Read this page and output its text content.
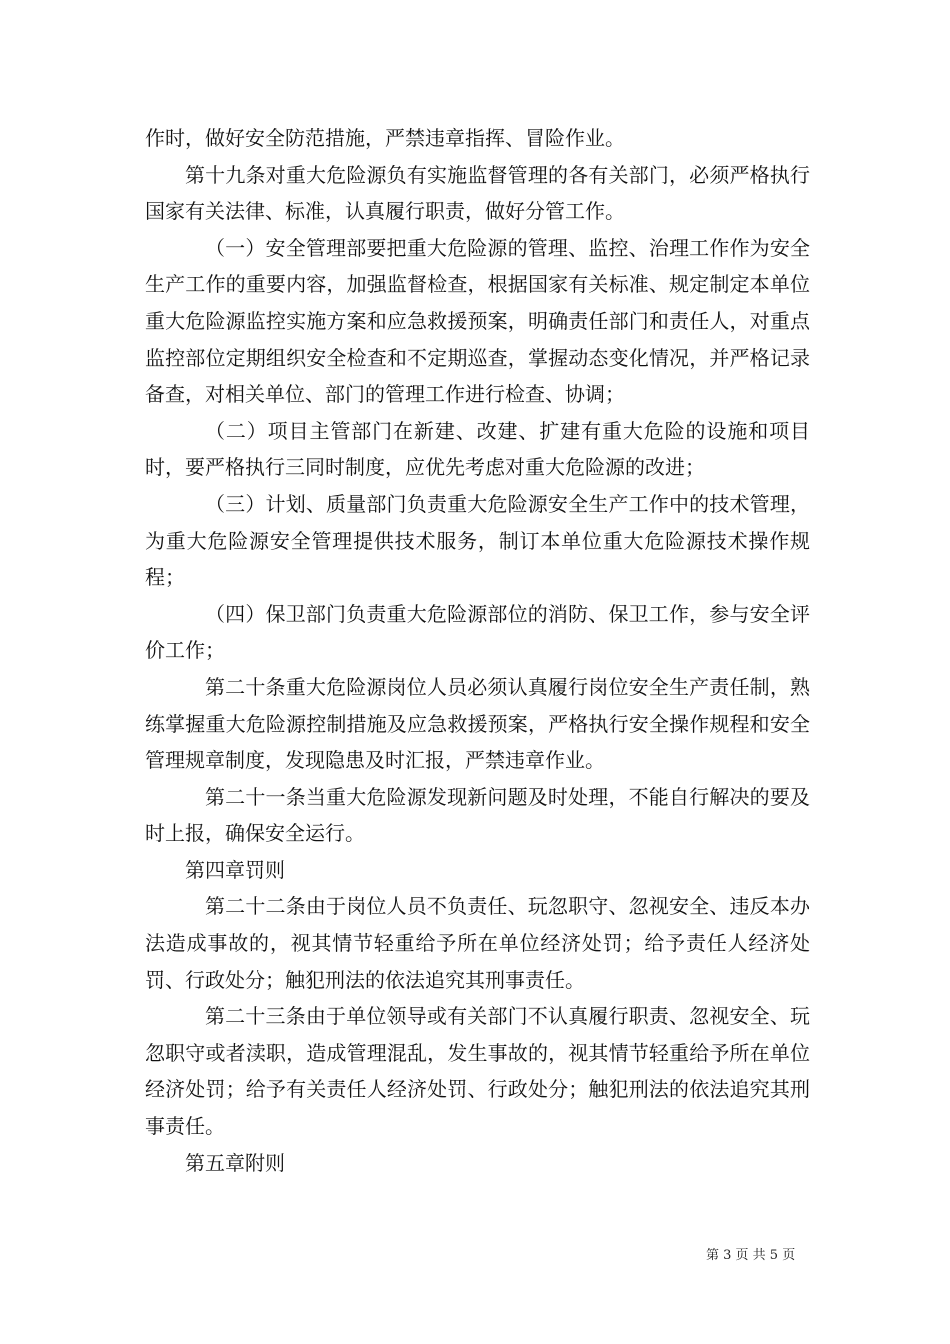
作时，做好安全防范措施，严禁违章指挥、冒险作业。

第十九条对重大危险源负有实施监督管理的各有关部门，必须严格执行国家有关法律、标准，认真履行职责，做好分管工作。

（一）安全管理部要把重大危险源的管理、监控、治理工作作为安全生产工作的重要内容，加强监督检查，根据国家有关标准、规定制定本单位重大危险源监控实施方案和应急救援预案，明确责任部门和责任人，对重点监控部位定期组织安全检查和不定期巡查，掌握动态变化情况，并严格记录备查，对相关单位、部门的管理工作进行检查、协调；

（二）项目主管部门在新建、改建、扩建有重大危险的设施和项目时，要严格执行三同时制度，应优先考虑对重大危险源的改进；

（三）计划、质量部门负责重大危险源安全生产工作中的技术管理，为重大危险源安全管理提供技术服务，制订本单位重大危险源技术操作规程；

（四）保卫部门负责重大危险源部位的消防、保卫工作，参与安全评价工作；

第二十条重大危险源岗位人员必须认真履行岗位安全生产责任制，熟练掌握重大危险源控制措施及应急救援预案，严格执行安全操作规程和安全管理规章制度，发现隐患及时汇报，严禁违章作业。

第二十一条当重大危险源发现新问题及时处理，不能自行解决的要及时上报，确保安全运行。

第四章罚则

第二十二条由于岗位人员不负责任、玩忽职守、忽视安全、违反本办法造成事故的，视其情节轻重给予所在单位经济处罚；给予责任人经济处罚、行政处分；触犯刑法的依法追究其刑事责任。

第二十三条由于单位领导或有关部门不认真履行职责、忽视安全、玩忽职守或者渎职，造成管理混乱，发生事故的，视其情节轻重给予所在单位经济处罚；给予有关责任人经济处罚、行政处分；触犯刑法的依法追究其刑事责任。

第五章附则

第 3 页 共 5 页
